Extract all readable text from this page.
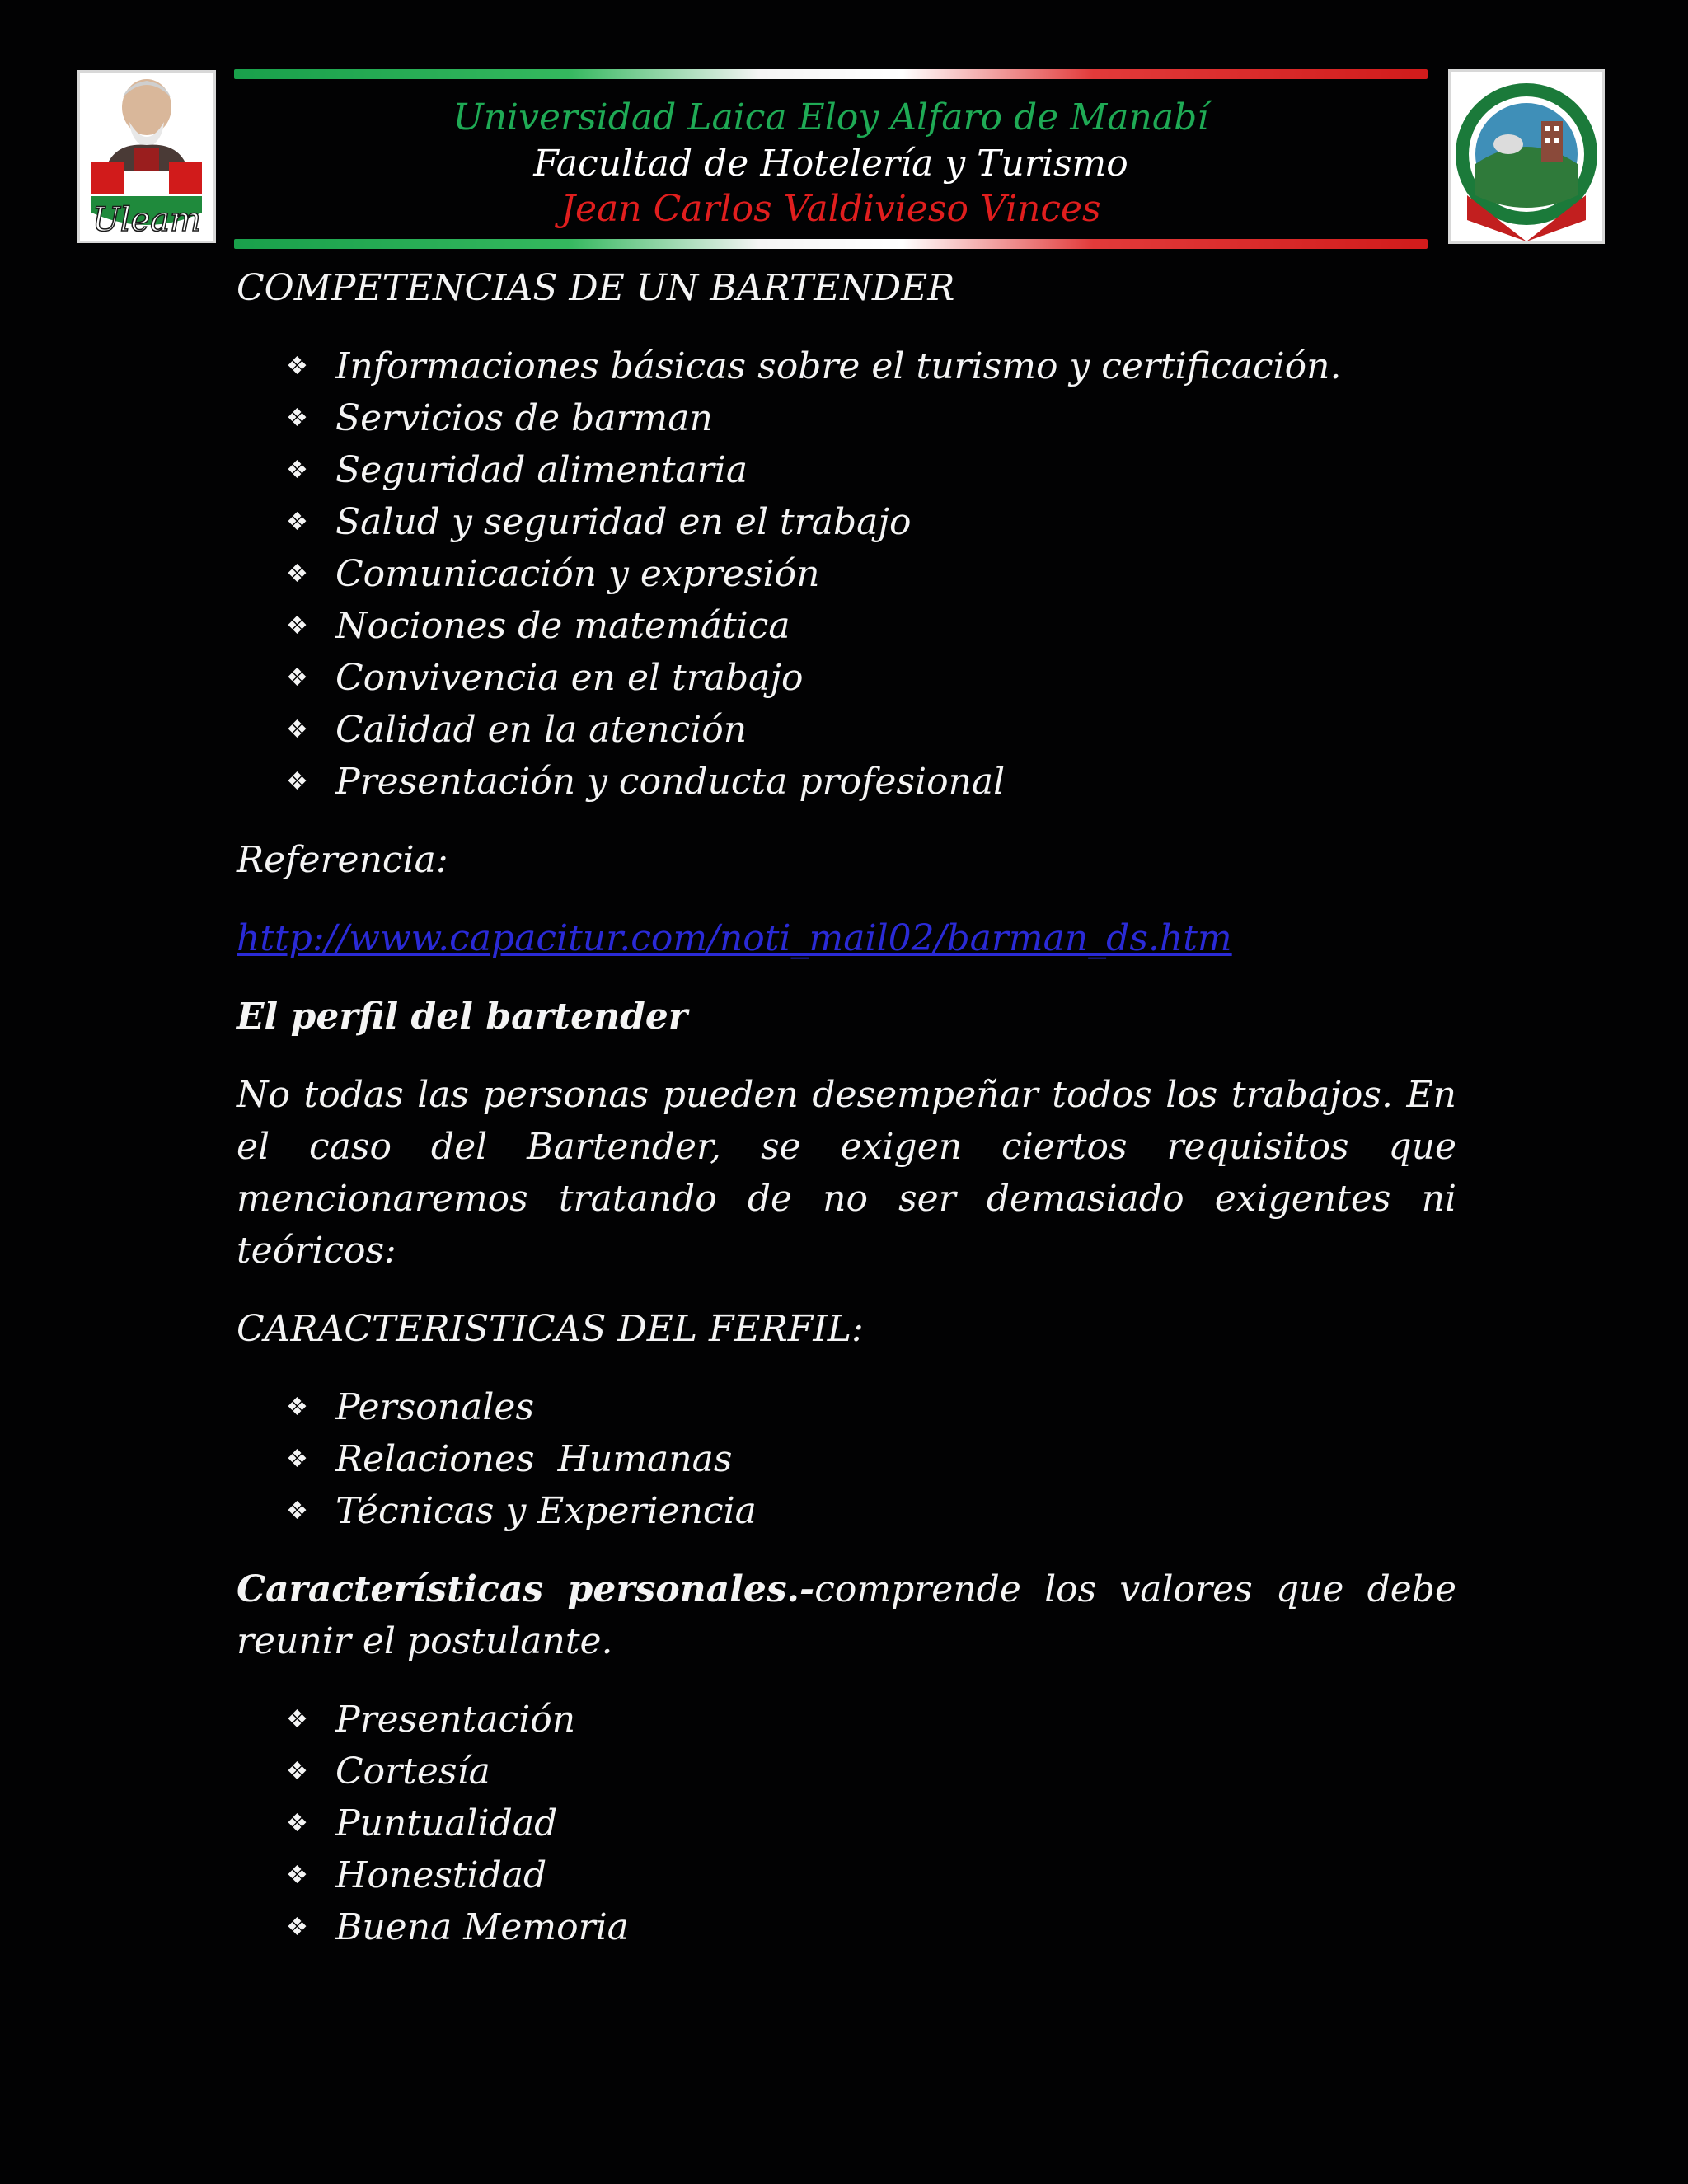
Uleam
Universidad Laica Eloy Alfaro de Manabí
Facultad de Hotelería y Turismo
Jean Carlos Valdivieso Vinces
COMPETENCIAS DE UN BARTENDER
❖ Informaciones básicas sobre el turismo y certificación.
❖ Servicios de barman
❖ Seguridad alimentaria
❖ Salud y seguridad en el trabajo
❖ Comunicación y expresión
❖ Nociones de matemática
❖ Convivencia en el trabajo
❖ Calidad en la atención
❖ Presentación y conducta profesional

Referencia:

http://www.capacitur.com/noti_mail02/barman_ds.htm

El perfil del bartender

No todas las personas pueden desempeñar todos los trabajos. En el caso del Bartender, se exigen ciertos requisitos que mencionaremos tratando de no ser demasiado exigentes ni teóricos:

CARACTERISTICAS DEL FERFIL:
❖ Personales
❖ Relaciones  Humanas
❖ Técnicas y Experiencia

Características personales.-comprende los valores que debe reunir el postulante.

❖ Presentación
❖ Cortesía
❖ Puntualidad
❖ Honestidad
❖ Buena Memoria
